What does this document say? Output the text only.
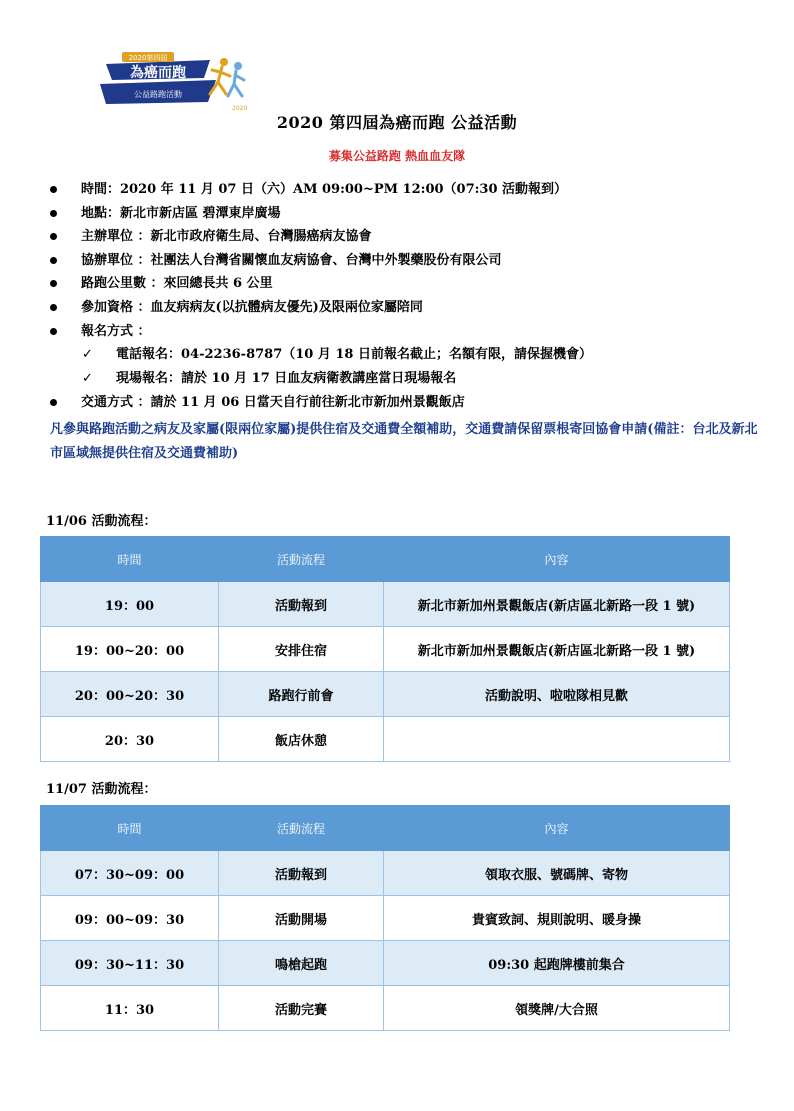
2020第四屆
為癌而跑
公益路跑活動
2020
2020 第四屆為癌而跑 公益活動
募集公益路跑 熱血血友隊
時間：2020 年 11 月 07 日（六）AM 09:00~PM 12:00（07:30 活動報到）
地點：新北市新店區 碧潭東岸廣場
主辦單位 ：新北市政府衛生局、台灣腸癌病友協會
協辦單位 ：社團法人台灣省關懷血友病協會、台灣中外製藥股份有限公司
路跑公里數 ：來回總長共 6 公里
參加資格 ：血友病病友(以抗體病友優先)及限兩位家屬陪同
報名方式 ：
✓ 電話報名：04-2236-8787（10 月 18 日前報名截止；名額有限，請保握機會）
✓ 現場報名：請於 10 月 17 日血友病衛教講座當日現場報名
交通方式 ：請於 11 月 06 日當天自行前往新北市新加州景觀飯店
凡參與路跑活動之病友及家屬(限兩位家屬)提供住宿及交通費全額補助，交通費請保留票根寄回協會申請(備註：台北及新北市區域無提供住宿及交通費補助)
11/06 活動流程：
時間	活動流程	內容
19：00	活動報到	新北市新加州景觀飯店(新店區北新路一段 1 號)
19：00~20：00	安排住宿	新北市新加州景觀飯店(新店區北新路一段 1 號)
20：00~20：30	路跑行前會	活動說明、啦啦隊相見歡
20：30	飯店休憩	
11/07 活動流程：
時間	活動流程	內容
07：30~09：00	活動報到	領取衣服、號碼牌、寄物
09：00~09：30	活動開場	貴賓致詞、規則說明、暖身操
09：30~11：30	鳴槍起跑	09:30 起跑牌樓前集合
11：30	活動完賽	領獎牌/大合照
